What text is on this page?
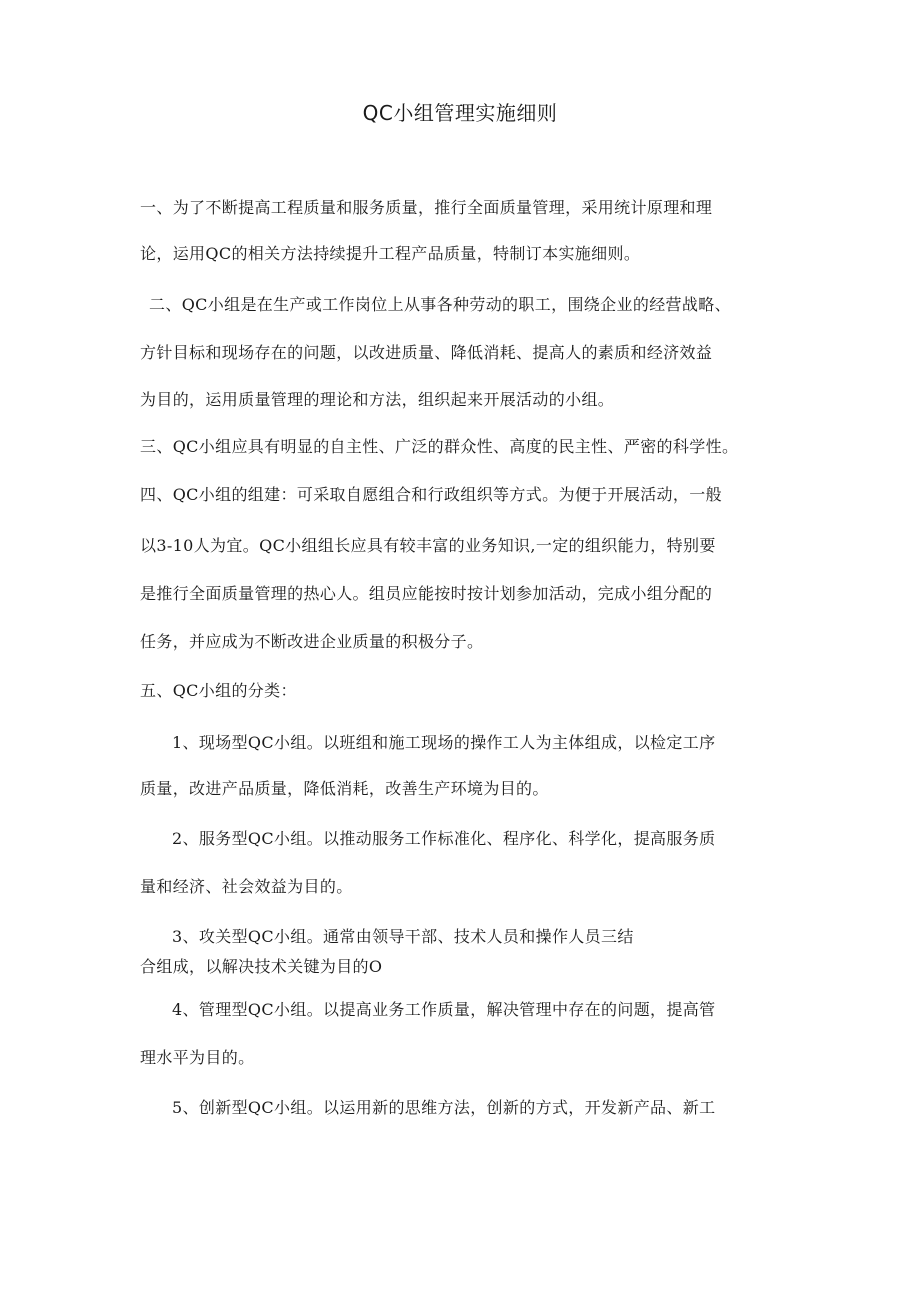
QC小组管理实施细则
一、为了不断提高工程质量和服务质量，推行全面质量管理，采用统计原理和理
论，运用QC的相关方法持续提升工程产品质量，特制订本实施细则。
二、QC小组是在生产或工作岗位上从事各种劳动的职工，围绕企业的经营战略、
方针目标和现场存在的问题，以改进质量、降低消耗、提高人的素质和经济效益
为目的，运用质量管理的理论和方法，组织起来开展活动的小组。
三、QC小组应具有明显的自主性、广泛的群众性、高度的民主性、严密的科学性。
四、QC小组的组建：可采取自愿组合和行政组织等方式。为便于开展活动，一般
以3-10人为宜。QC小组组长应具有较丰富的业务知识,一定的组织能力，特别要
是推行全面质量管理的热心人。组员应能按时按计划参加活动，完成小组分配的
任务，并应成为不断改进企业质量的积极分子。
五、QC小组的分类：
1、现场型QC小组。以班组和施工现场的操作工人为主体组成，以检定工序
质量，改进产品质量，降低消耗，改善生产环境为目的。
2、服务型QC小组。以推动服务工作标准化、程序化、科学化，提高服务质
量和经济、社会效益为目的。
3、攻关型QC小组。通常由领导干部、技术人员和操作人员三结
合组成，以解决技术关键为目的O
4、管理型QC小组。以提高业务工作质量，解决管理中存在的问题，提高管
理水平为目的。
5、创新型QC小组。以运用新的思维方法，创新的方式，开发新产品、新工
